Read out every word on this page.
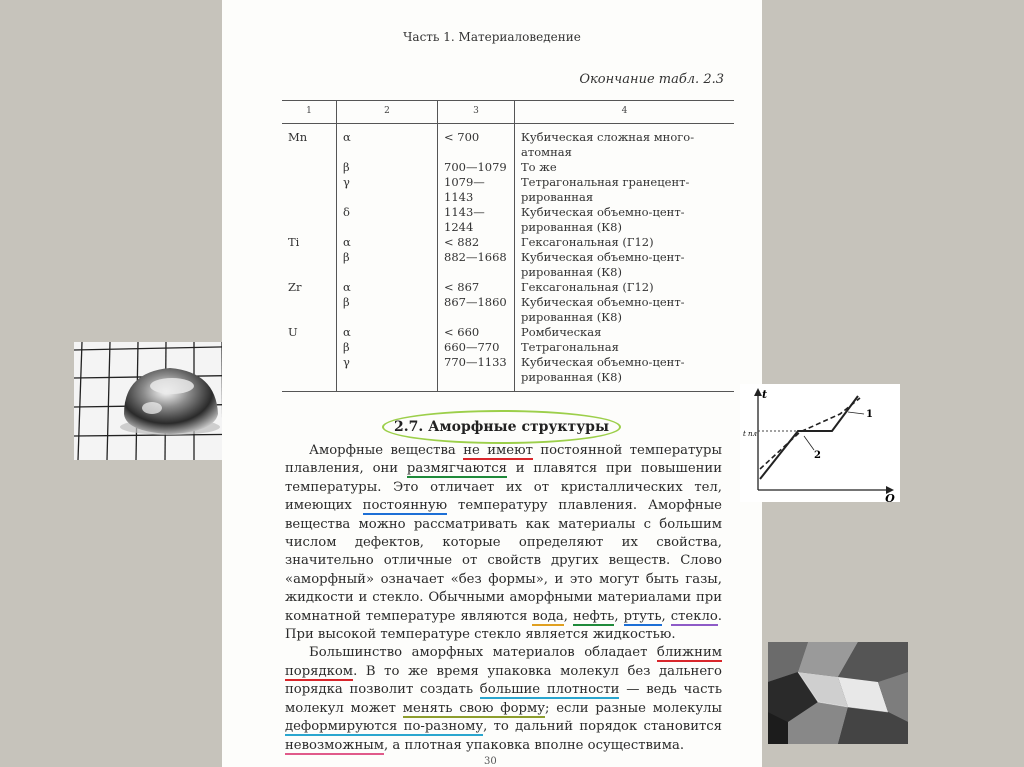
Часть 1. Материаловедение
Окончание табл. 2.3
1	2	3	4
Mn	α	< 700	Кубическая сложная много-атомная
	β	700—1079	То же
	γ	1079—1143	Тетрагональная гранецент-рированная
	δ	1143—1244	Кубическая объемно-цент-рированная (К8)
Ti	α	< 882	Гексагональная (Г12)
	β	882—1668	Кубическая объемно-цент-рированная (К8)
Zr	α	< 867	Гексагональная (Г12)
	β	867—1860	Кубическая объемно-цент-рированная (К8)
U	α	< 660	Ромбическая
	β	660—770	Тетрагональная
	γ	770—1133	Кубическая объемно-цент-рированная (К8)
2.7. Аморфные структуры

Аморфные вещества не имеют постоянной температуры плавления, они размягчаются и плавятся при повышении температуры. Это отличает их от кристаллических тел, имеющих постоянную температуру плавления. Аморфные вещества можно рассматривать как материалы с большим числом дефектов, которые определяют их свойства, значительно отличные от свойств других веществ. Слово «аморфный» означает «без формы», и это могут быть газы, жидкости и стекло. Обычными аморфными материалами при комнатной температуре являются вода, нефть, ртуть, стекло. При высокой температуре стекло является жидкостью.

Большинство аморфных материалов обладает ближним порядком. В то же время упаковка молекул без дальнего порядка позволит создать большие плотности — ведь часть молекул может менять свою форму; если разные молекулы деформируются по-разному, то дальний порядок становится невозможным, а плотная упаковка вполне осуществима.

30
t
Q
t пл
1
2
